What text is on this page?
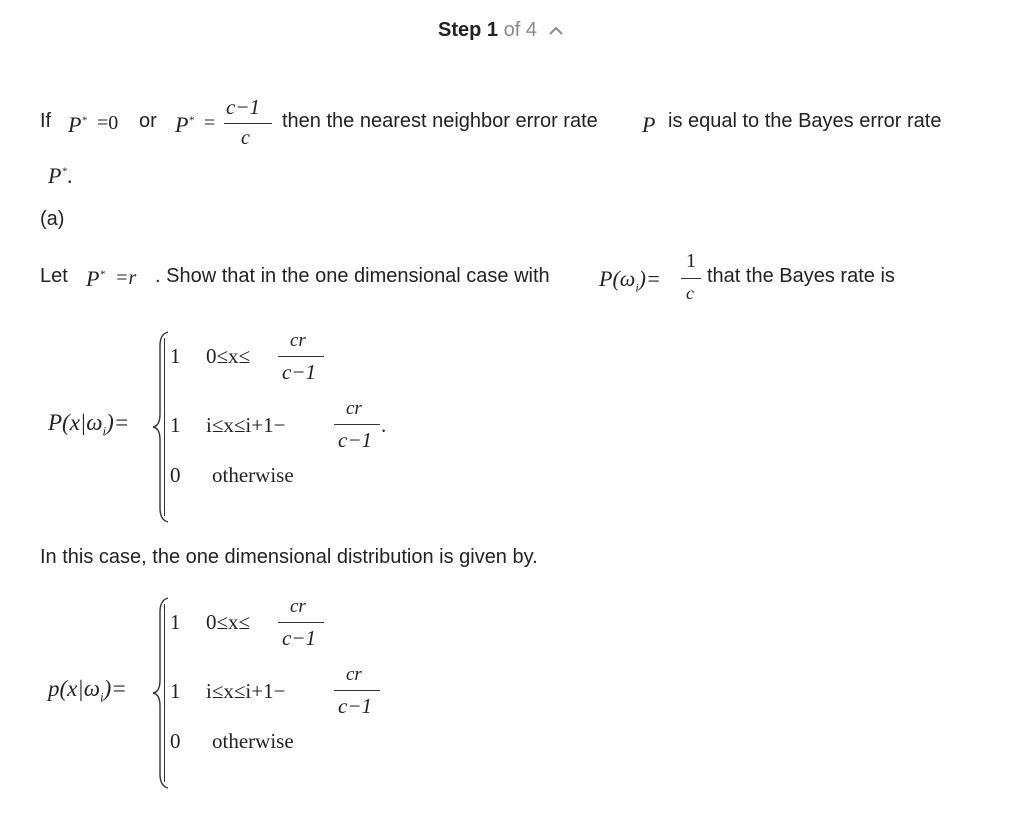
Step
1
of 4
If P* =0 or P* =
c−1
c
then the nearest neighbor error rate P is equal to the Bayes error rate
P*.
(a)
Let P* =r . Show that in the one dimensional case with $P(\omega_i)=$
1
c
that the Bayes rate is
$P(x|\omega_i)=$
1 0≤x≤
cr
c−1
1 i≤x≤i+1−
cr
c−1
.
0 otherwise
In this case, the one dimensional distribution is given by.
$p(x|\omega_i)=$
1 0≤x≤
cr
c−1
1 i≤x≤i+1−
cr
c−1
0 otherwise
